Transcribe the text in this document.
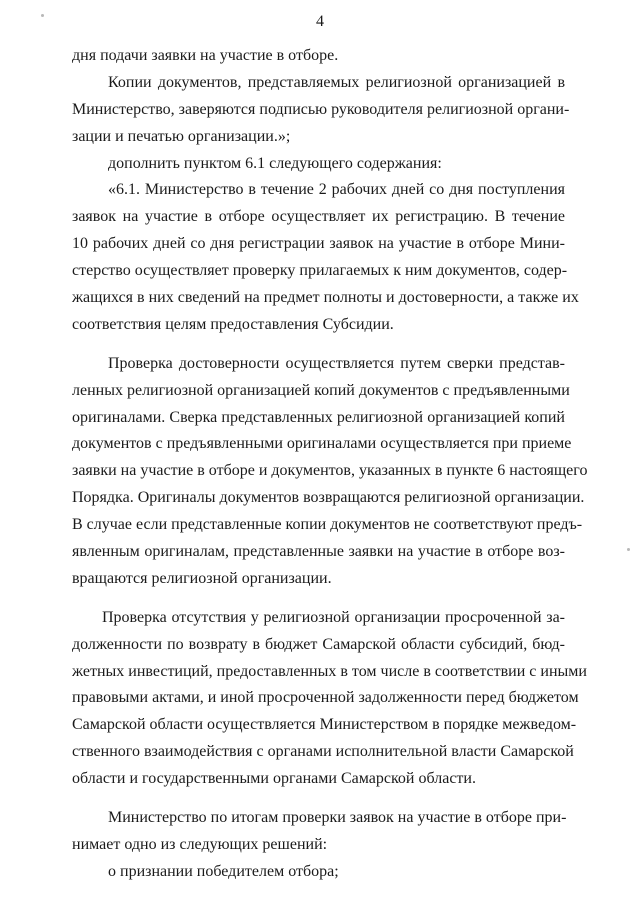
4
дня подачи заявки на участие в отборе.
Копии документов, представляемых религиозной организацией в
Министерство, заверяются подписью руководителя религиозной органи-
зации и печатью организации.»;
дополнить пунктом 6.1 следующего содержания:
«6.1. Министерство в течение 2 рабочих дней со дня поступления
заявок на участие в отборе осуществляет их регистрацию. В течение
10 рабочих дней со дня регистрации заявок на участие в отборе Мини-
стерство осуществляет проверку прилагаемых к ним документов, содер-
жащихся в них сведений на предмет полноты и достоверности, а также их
соответствия целям предоставления Субсидии.
Проверка достоверности осуществляется путем сверки представ-
ленных религиозной организацией копий документов с предъявленными
оригиналами. Сверка представленных религиозной организацией копий
документов с предъявленными оригиналами осуществляется при приеме
заявки на участие в отборе и документов, указанных в пункте 6 настоящего
Порядка. Оригиналы документов возвращаются религиозной организации.
В случае если представленные копии документов не соответствуют предъ-
явленным оригиналам, представленные заявки на участие в отборе воз-
вращаются религиозной организации.
Проверка отсутствия у религиозной организации просроченной за-
долженности по возврату в бюджет Самарской области субсидий, бюд-
жетных инвестиций, предоставленных в том числе в соответствии с иными
правовыми актами, и иной просроченной задолженности перед бюджетом
Самарской области осуществляется Министерством в порядке межведом-
ственного взаимодействия с органами исполнительной власти Самарской
области и государственными органами Самарской области.
Министерство по итогам проверки заявок на участие в отборе при-
нимает одно из следующих решений:
о признании победителем отбора;
